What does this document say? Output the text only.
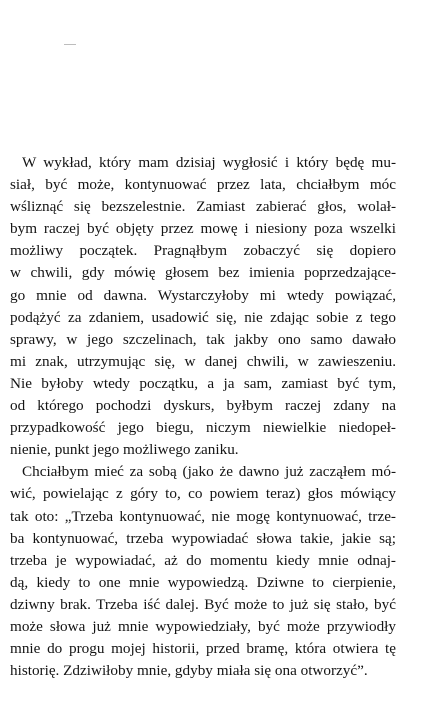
W wykład, który mam dzisiaj wygłosić i który będę mu-
siał, być może, kontynuować przez lata, chciałbym móc
wśliznąć się bezszelestnie. Zamiast zabierać głos, wolał-
bym raczej być objęty przez mowę i niesiony poza wszelki
możliwy początek. Pragnąłbym zobaczyć się dopiero
w chwili, gdy mówię głosem bez imienia poprzedzające-
go mnie od dawna. Wystarczyłoby mi wtedy powiązać,
podążyć za zdaniem, usadowić się, nie zdając sobie z tego
sprawy, w jego szczelinach, tak jakby ono samo dawało
mi znak, utrzymując się, w danej chwili, w zawieszeniu.
Nie byłoby wtedy początku, a ja sam, zamiast być tym,
od którego pochodzi dyskurs, byłbym raczej zdany na
przypadkowość jego biegu, niczym niewielkie niedopeł-
nienie, punkt jego możliwego zaniku.
Chciałbym mieć za sobą (jako że dawno już zacząłem mó-
wić, powielając z góry to, co powiem teraz) głos mówiący
tak oto: „Trzeba kontynuować, nie mogę kontynuować, trze-
ba kontynuować, trzeba wypowiadać słowa takie, jakie są;
trzeba je wypowiadać, aż do momentu kiedy mnie odnaj-
dą, kiedy to one mnie wypowiedzą. Dziwne to cierpienie,
dziwny brak. Trzeba iść dalej. Być może to już się stało, być
może słowa już mnie wypowiedziały, być może przywiodły
mnie do progu mojej historii, przed bramę, która otwiera tę
historię. Zdziwiłoby mnie, gdyby miała się ona otworzyć”.
